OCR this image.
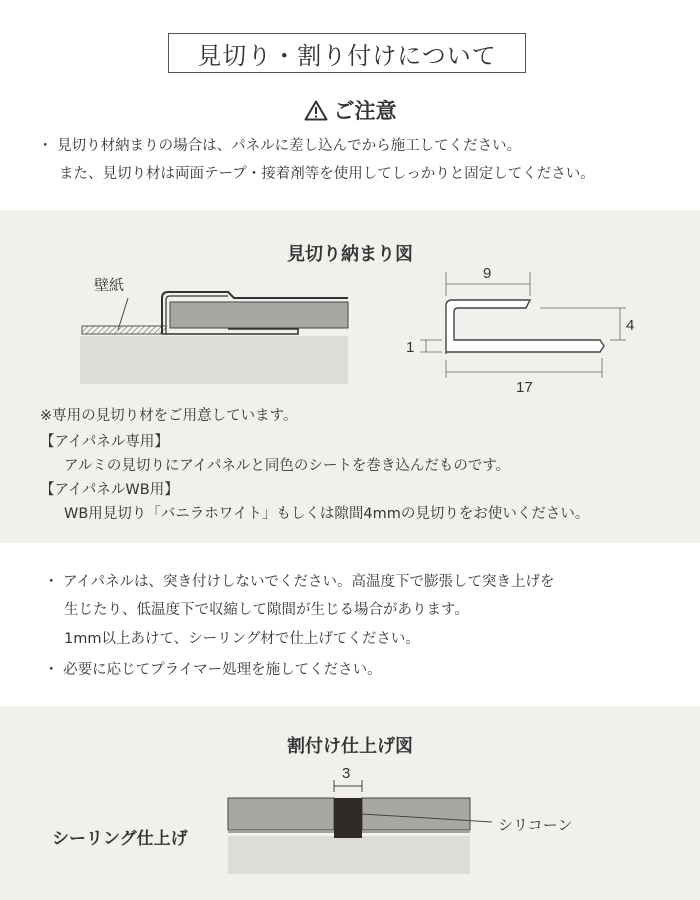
見切り・割り付けについて
ご注意
・ 見切り材納まりの場合は、パネルに差し込んでから施工してください。
また、見切り材は両面テープ・接着剤等を使用してしっかりと固定してください。
見切り納まり図
壁紙
9
4
1
17
※専用の見切り材をご用意しています。
【アイパネル専用】
アルミの見切りにアイパネルと同色のシートを巻き込んだものです。
【アイパネルWB用】
WB用見切り「バニラホワイト」もしくは隙間4mmの見切りをお使いください。
・ アイパネルは、突き付けしないでください。高温度下で膨張して突き上げを
生じたり、低温度下で収縮して隙間が生じる場合があります。
1mm以上あけて、シーリング材で仕上げてください。
・ 必要に応じてプライマー処理を施してください。
割付け仕上げ図
シーリング仕上げ
3
シリコーン
